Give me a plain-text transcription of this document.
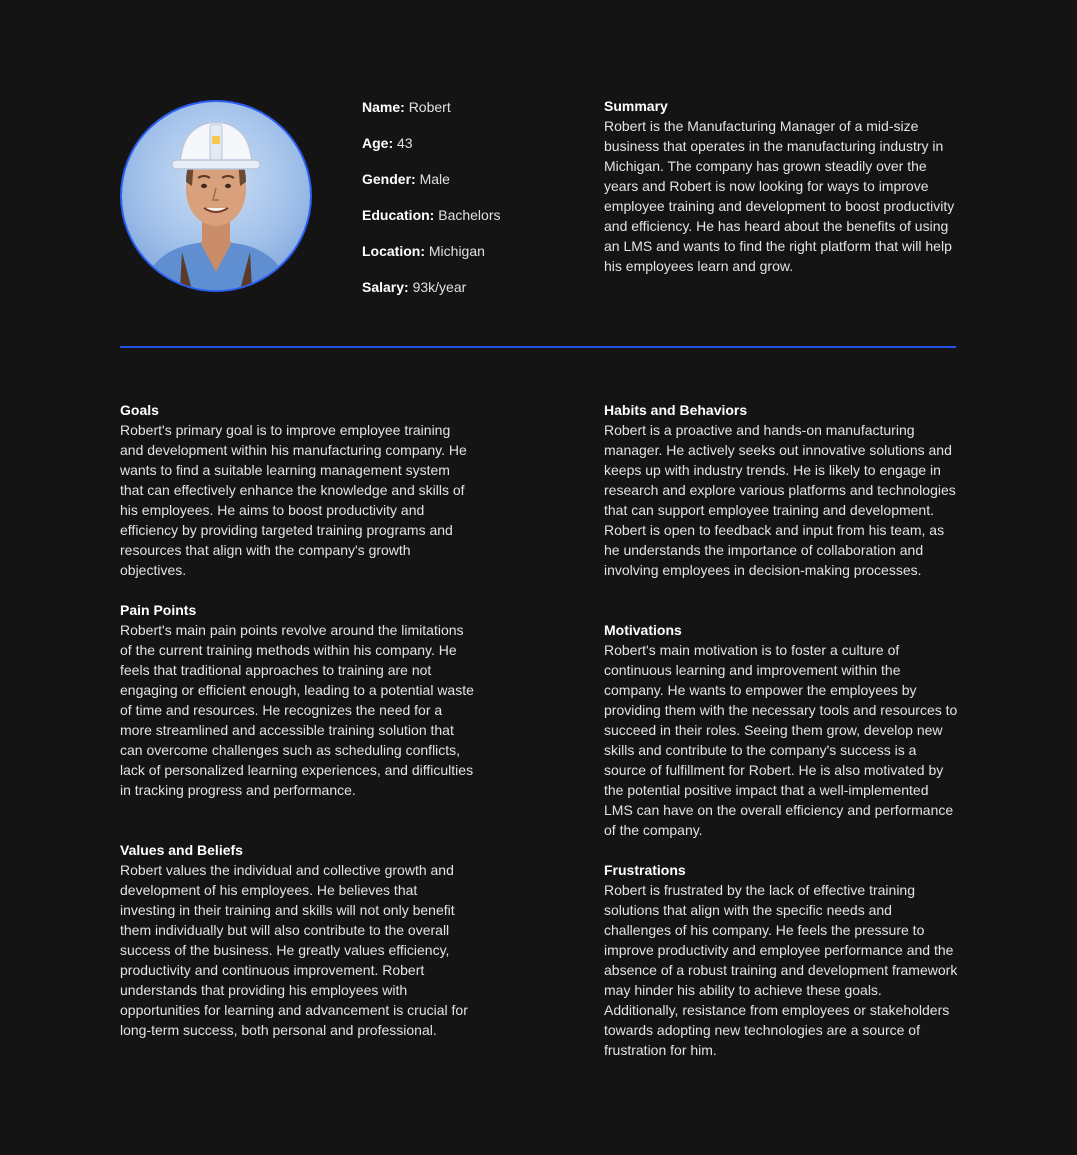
Name: Robert
Age: 43
Gender: Male
Education: Bachelors
Location: Michigan
Salary: 93k/year
Summary

Robert is the Manufacturing Manager of a mid-size business that operates in the manufacturing industry in Michigan. The company has grown steadily over the years and Robert is now looking for ways to improve employee training and development to boost productivity and efficiency. He has heard about the benefits of using an LMS and wants to find the right platform that will help his employees learn and grow.

Goals

Robert's primary goal is to improve employee training and development within his manufacturing company. He wants to find a suitable learning management system that can effectively enhance the knowledge and skills of his employees. He aims to boost productivity and efficiency by providing targeted training programs and resources that align with the company's growth objectives.

Pain Points

Robert's main pain points revolve around the limitations of the current training methods within his company. He feels that traditional approaches to training are not engaging or efficient enough, leading to a potential waste of time and resources. He recognizes the need for a more streamlined and accessible training solution that can overcome challenges such as scheduling conflicts, lack of personalized learning experiences, and difficulties in tracking progress and performance.

Values and Beliefs

Robert values the individual and collective growth and development of his employees. He believes that investing in their training and skills will not only benefit them individually but will also contribute to the overall success of the business. He greatly values efficiency, productivity and continuous improvement. Robert understands that providing his employees with opportunities for learning and advancement is crucial for long-term success, both personal and professional.

Habits and Behaviors

Robert is a proactive and hands-on manufacturing manager. He actively seeks out innovative solutions and keeps up with industry trends. He is likely to engage in research and explore various platforms and technologies that can support employee training and development. Robert is open to feedback and input from his team, as he understands the importance of collaboration and involving employees in decision-making processes.

Motivations

Robert's main motivation is to foster a culture of continuous learning and improvement within the company. He wants to empower the employees by providing them with the necessary tools and resources to succeed in their roles. Seeing them grow, develop new skills and contribute to the company's success is a source of fulfillment for Robert. He is also motivated by the potential positive impact that a well-implemented LMS can have on the overall efficiency and performance of the company.

Frustrations

Robert is frustrated by the lack of effective training solutions that align with the specific needs and challenges of his company. He feels the pressure to improve productivity and employee performance and the absence of a robust training and development framework may hinder his ability to achieve these goals. Additionally, resistance from employees or stakeholders towards adopting new technologies are a source of frustration for him.
